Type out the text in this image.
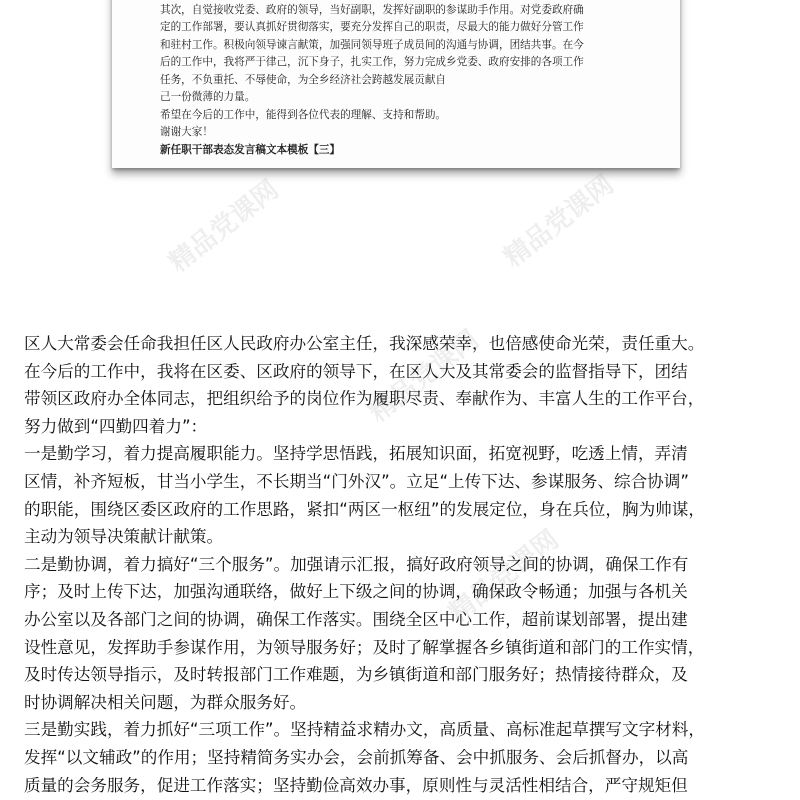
其次，自觉接收党委、政府的领导，当好副职，发挥好副职的参谋助手作用。对党委政府确
定的工作部署，要认真抓好贯彻落实，要充分发挥自己的职责，尽最大的能力做好分管工作
和驻村工作。积极向领导谏言献策，加强同领导班子成员间的沟通与协调，团结共事。在今
后的工作中，我将严于律己，沉下身子，扎实工作，努力完成乡党委、政府安排的各项工作
任务，不负重托、不辱使命，为全乡经济社会跨越发展贡献自
己一份微薄的力量。
希望在今后的工作中，能得到各位代表的理解、支持和帮助。
谢谢大家！
新任职干部表态发言稿文本模板【三】
精品党课网	精品党课网
精品党课网
精品党课网
区人大常委会任命我担任区人民政府办公室主任，我深感荣幸，也倍感使命光荣，责任重大。
在今后的工作中，我将在区委、区政府的领导下，在区人大及其常委会的监督指导下，团结
带领区政府办全体同志，把组织给予的岗位作为履职尽责、奉献作为、丰富人生的工作平台，
努力做到“四勤四着力”：
一是勤学习，着力提高履职能力。坚持学思悟践，拓展知识面，拓宽视野，吃透上情，弄清
区情，补齐短板，甘当小学生，不长期当“门外汉”。立足“上传下达、参谋服务、综合协调”
的职能，围绕区委区政府的工作思路，紧扣“两区一枢纽”的发展定位，身在兵位，胸为帅谋，
主动为领导决策献计献策。
二是勤协调，着力搞好“三个服务”。加强请示汇报，搞好政府领导之间的协调，确保工作有
序；及时上传下达，加强沟通联络，做好上下级之间的协调，确保政令畅通；加强与各机关
办公室以及各部门之间的协调，确保工作落实。围绕全区中心工作，超前谋划部署，提出建
设性意见，发挥助手参谋作用，为领导服务好；及时了解掌握各乡镇街道和部门的工作实情，
及时传达领导指示，及时转报部门工作难题，为乡镇街道和部门服务好；热情接待群众，及
时协调解决相关问题，为群众服务好。
三是勤实践，着力抓好“三项工作”。坚持精益求精办文，高质量、高标准起草撰写文字材料，
发挥“以文辅政”的作用；坚持精简务实办会，会前抓筹备、会中抓服务、会后抓督办，以高
质量的会务服务，促进工作落实；坚持勤俭高效办事，原则性与灵活性相结合，严守规矩但
